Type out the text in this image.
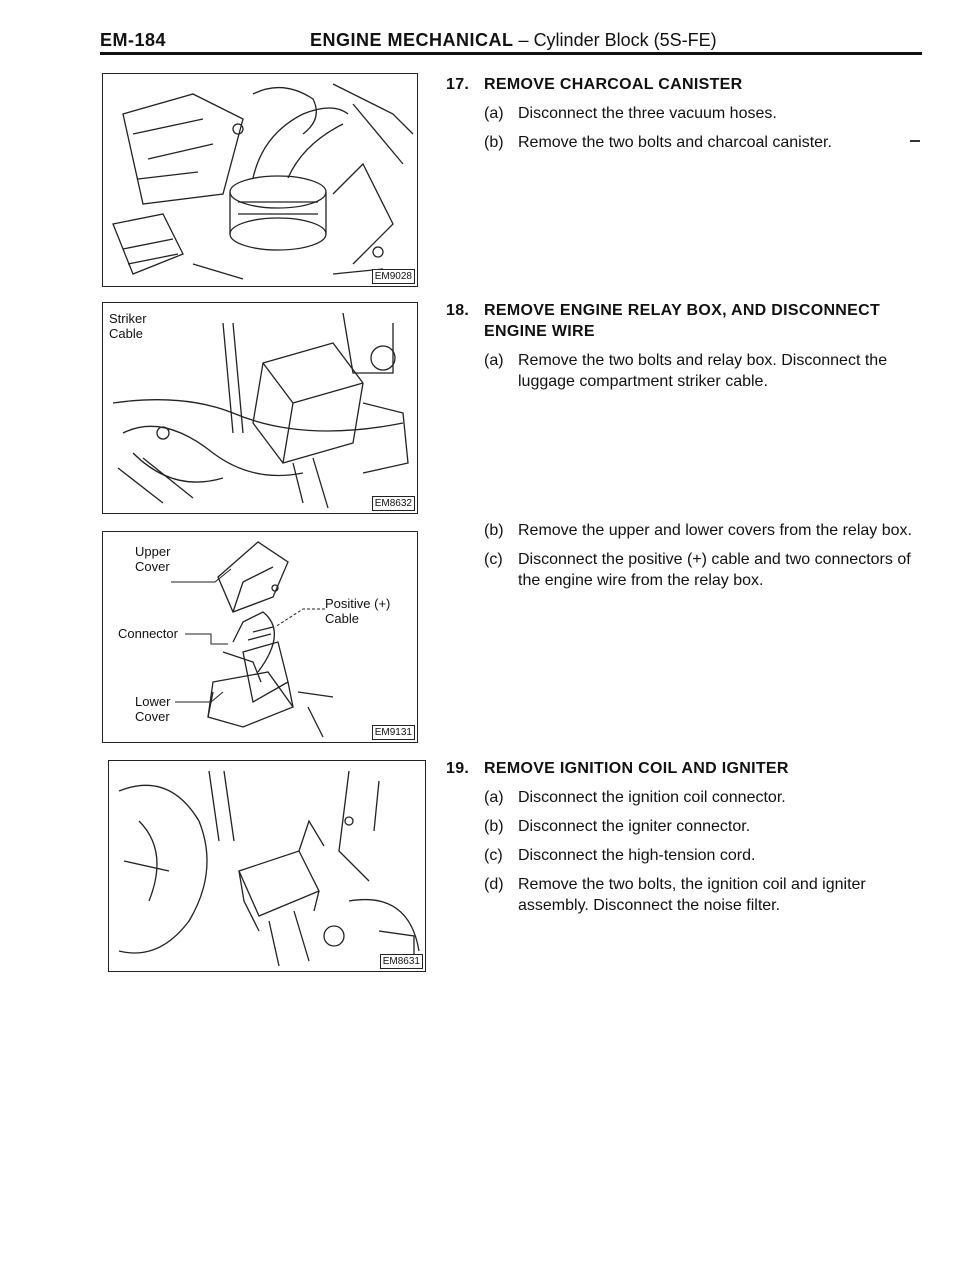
EM-184	ENGINE MECHANICAL – Cylinder Block (5S-FE)
EM9028
Striker
Cable
EM8632
Upper
Cover
Positive (+)
Cable
Connector
Lower
Cover
EM9131
EM8631
17. REMOVE CHARCOAL CANISTER
(a) Disconnect the three vacuum hoses.
(b) Remove the two bolts and charcoal canister.
18. REMOVE ENGINE RELAY BOX, AND DISCONNECT ENGINE WIRE
(a) Remove the two bolts and relay box. Disconnect the luggage compartment striker cable.
(b) Remove the upper and lower covers from the relay box.
(c) Disconnect the positive (+) cable and two connectors of the engine wire from the relay box.
19. REMOVE IGNITION COIL AND IGNITER
(a) Disconnect the ignition coil connector.
(b) Disconnect the igniter connector.
(c) Disconnect the high-tension cord.
(d) Remove the two bolts, the ignition coil and igniter assembly. Disconnect the noise filter.
